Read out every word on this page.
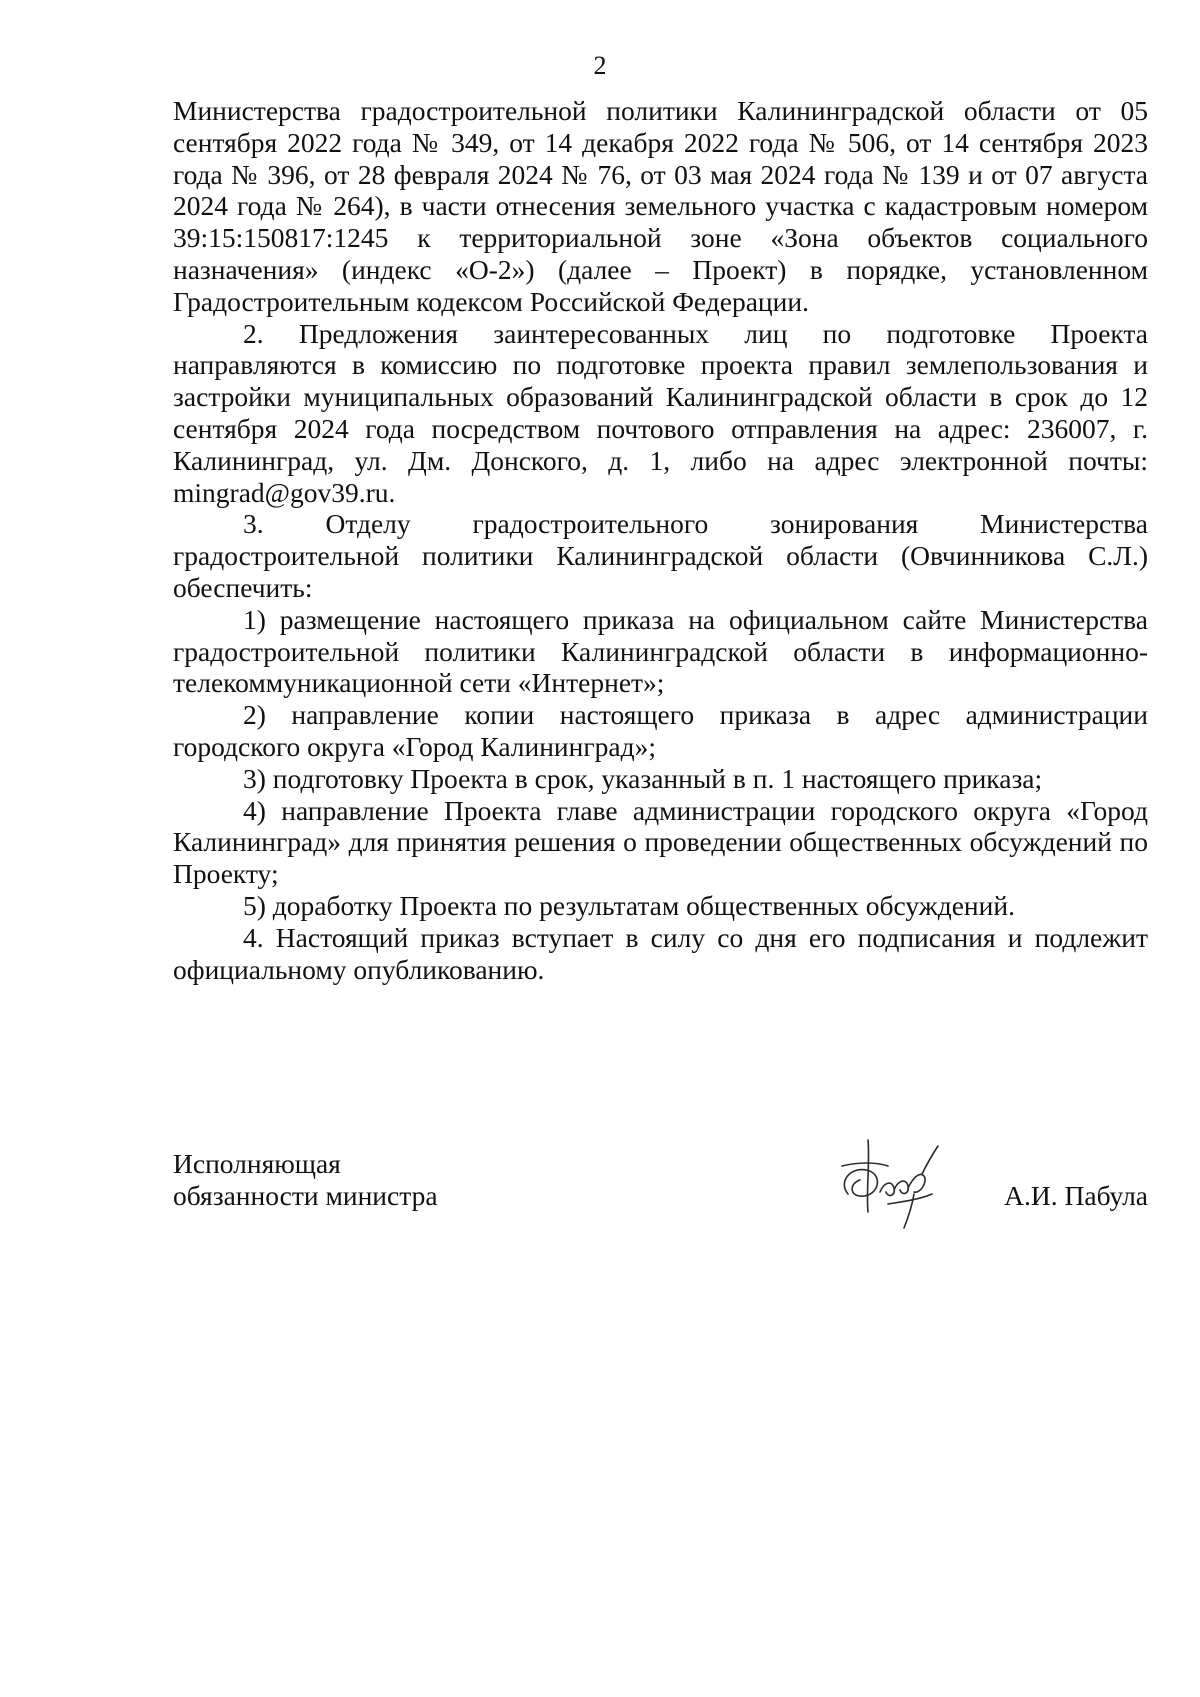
2

Министерства градостроительной политики Калининградской области от 05 сентября 2022 года № 349, от 14 декабря 2022 года № 506, от 14 сентября 2023 года № 396, от 28 февраля 2024 № 76, от 03 мая 2024 года № 139 и от 07 августа 2024 года № 264), в части отнесения земельного участка с кадастровым номером 39:15:150817:1245 к территориальной зоне «Зона объектов социального назначения» (индекс «О-2») (далее – Проект) в порядке, установленном Градостроительным кодексом Российской Федерации.

2. Предложения заинтересованных лиц по подготовке Проекта направляются в комиссию по подготовке проекта правил землепользования и застройки муниципальных образований Калининградской области в срок до 12 сентября 2024 года посредством почтового отправления на адрес: 236007, г. Калининград, ул. Дм. Донского, д. 1, либо на адрес электронной почты: mingrad@gov39.ru.

3. Отделу градостроительного зонирования Министерства градостроительной политики Калининградской области (Овчинникова С.Л.) обеспечить:

1) размещение настоящего приказа на официальном сайте Министерства градостроительной политики Калининградской области в информационно-телекоммуникационной сети «Интернет»;

2) направление копии настоящего приказа в адрес администрации городского округа «Город Калининград»;

3) подготовку Проекта в срок, указанный в п. 1 настоящего приказа;

4) направление Проекта главе администрации городского округа «Город Калининград» для принятия решения о проведении общественных обсуждений по Проекту;

5) доработку Проекта по результатам общественных обсуждений.

4. Настоящий приказ вступает в силу со дня его подписания и подлежит официальному опубликованию.

Исполняющая
обязанности министра	А.И. Пабула
